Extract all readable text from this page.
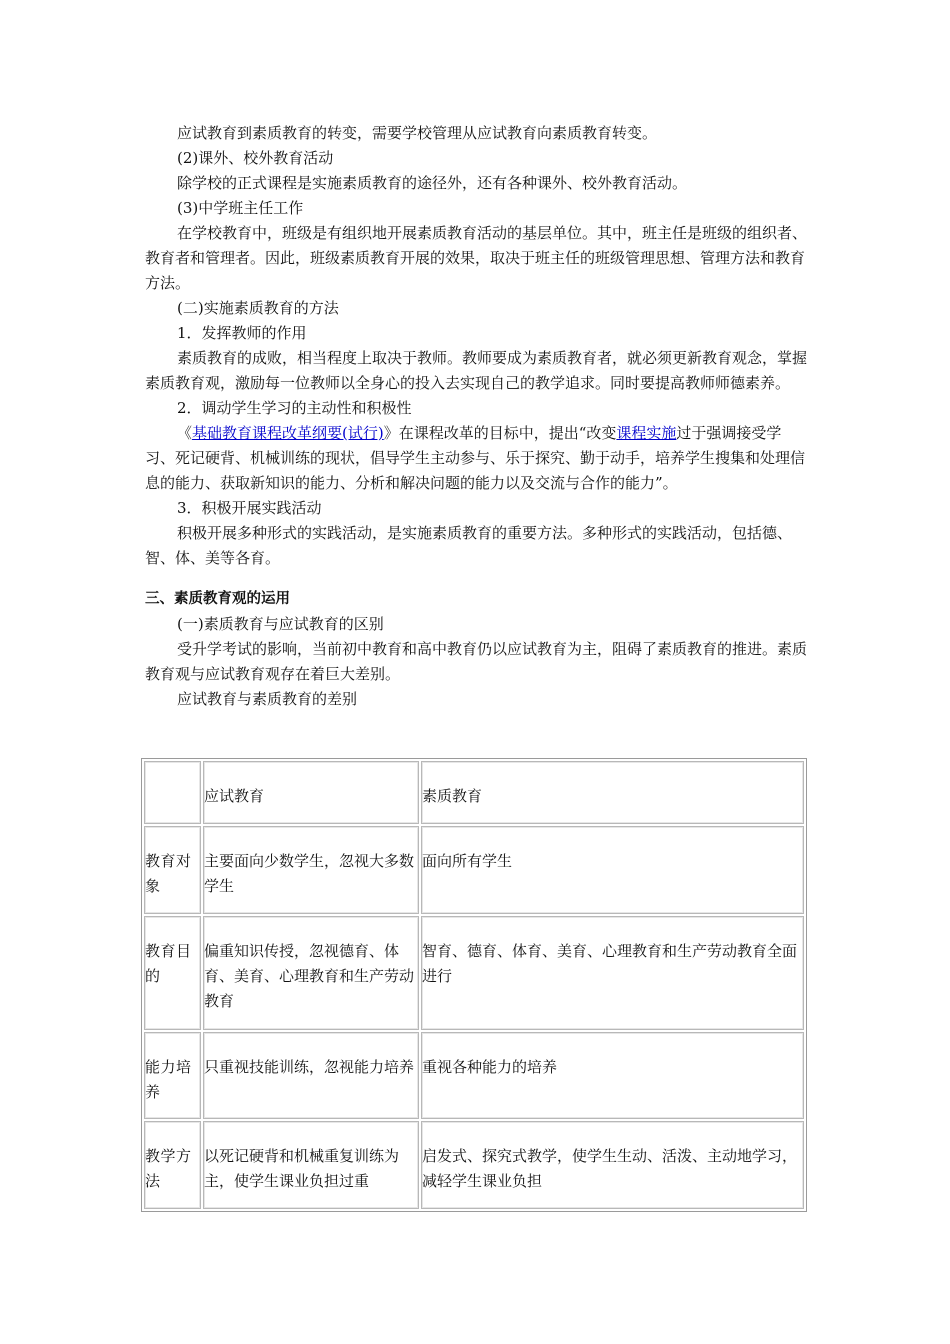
应试教育到素质教育的转变，需要学校管理从应试教育向素质教育转变。

(2)课外、校外教育活动

除学校的正式课程是实施素质教育的途径外，还有各种课外、校外教育活动。

(3)中学班主任工作

在学校教育中，班级是有组织地开展素质教育活动的基层单位。其中，班主任是班级的组织者、教育者和管理者。因此，班级素质教育开展的效果，取决于班主任的班级管理思想、管理方法和教育方法。

(二)实施素质教育的方法

1．发挥教师的作用

素质教育的成败，相当程度上取决于教师。教师要成为素质教育者，就必须更新教育观念，掌握素质教育观，激励每一位教师以全身心的投入去实现自己的教学追求。同时要提高教师师德素养。

2．调动学生学习的主动性和积极性

《基础教育课程改革纲要(试行)》在课程改革的目标中，提出“改变课程实施过于强调接受学习、死记硬背、机械训练的现状，倡导学生主动参与、乐于探究、勤于动手，培养学生搜集和处理信息的能力、获取新知识的能力、分析和解决问题的能力以及交流与合作的能力”。

3．积极开展实践活动

积极开展多种形式的实践活动，是实施素质教育的重要方法。多种形式的实践活动，包括德、智、体、美等各育。

三、素质教育观的运用

(一)素质教育与应试教育的区别

受升学考试的影响，当前初中教育和高中教育仍以应试教育为主，阻碍了素质教育的推进。素质教育观与应试教育观存在着巨大差别。

应试教育与素质教育的差别

	应试教育	素质教育
教育对象	主要面向少数学生，忽视大多数学生	面向所有学生
教育目的	偏重知识传授，忽视德育、体育、美育、心理教育和生产劳动教育	智育、德育、体育、美育、心理教育和生产劳动教育全面进行
能力培养	只重视技能训练，忽视能力培养	重视各种能力的培养
教学方法	以死记硬背和机械重复训练为主，使学生课业负担过重	启发式、探究式教学，使学生生动、活泼、主动地学习，减轻学生课业负担
